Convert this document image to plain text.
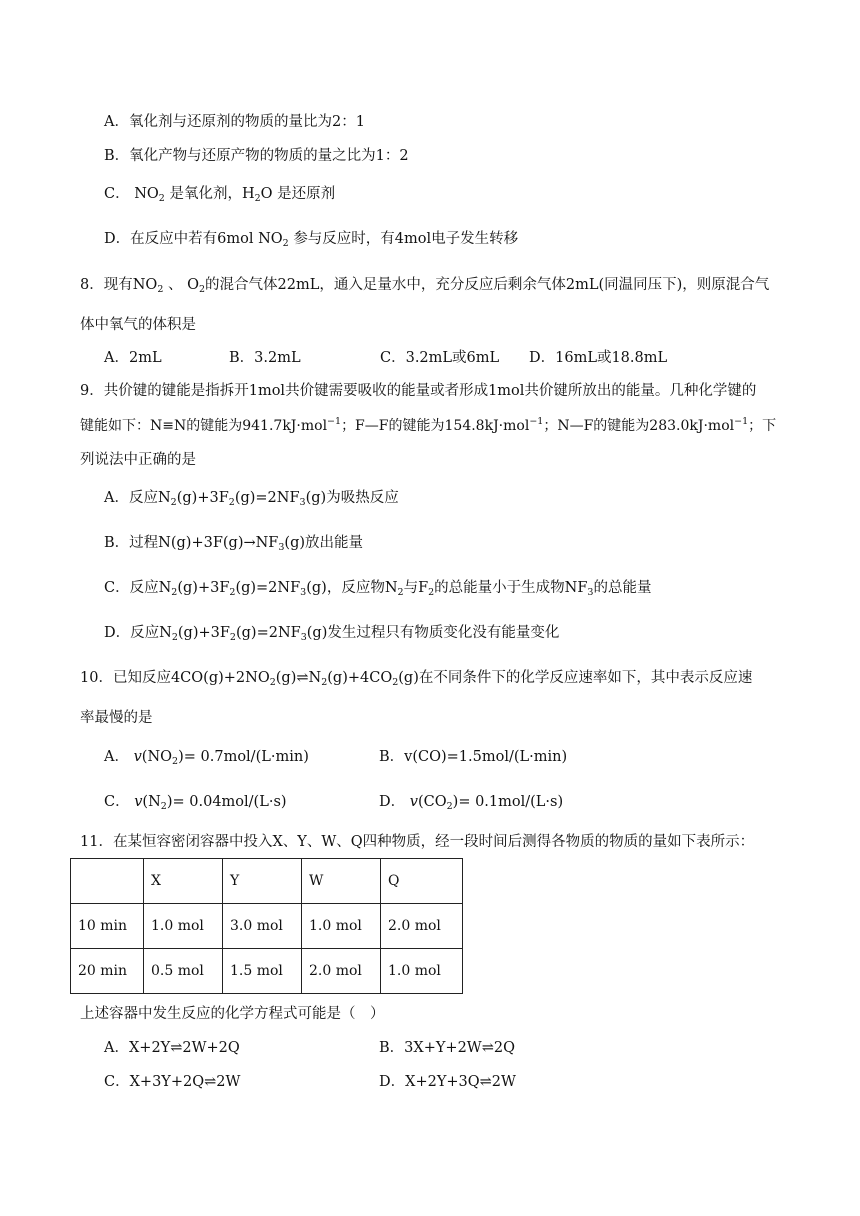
A．氧化剂与还原剂的物质的量比为2：1
B．氧化产物与还原产物的物质的量之比为1：2
C． $NO_2$ 是氧化剂，$H_2O$ 是还原剂
D．在反应中若有6mol $NO_2$ 参与反应时，有4mol电子发生转移
8．现有$NO_2$ 、 $O_2$的混合气体22mL，通入足量水中，充分反应后剩余气体2mL(同温同压下)，则原混合气
体中氧气的体积是
A．2mL	B．3.2mL	C．3.2mL或6mL D．16mL或18.8mL
9．共价键的键能是指拆开1mol共价键需要吸收的能量或者形成1mol共价键所放出的能量。几种化学键的
键能如下：N≡N的键能为941.7kJ·mol$^{-1}$；F—F的键能为154.8kJ·mol$^{-1}$；N—F的键能为283.0kJ·mol$^{-1}$；下
列说法中正确的是
A．反应$N_2(g)+3F_2(g)=2NF_3(g)$为吸热反应
B．过程$N(g)+3F(g)\to NF_3(g)$放出能量
C．反应$N_2(g)+3F_2(g)=2NF_3(g)$，反应物$N_2$与$F_2$的总能量小于生成物$NF_3$的总能量
D．反应$N_2(g)+3F_2(g)=2NF_3(g)$发生过程只有物质变化没有能量变化
10．已知反应$4CO(g)+2NO_2(g)\rightleftharpoons N_2(g)+4CO_2(g)$在不同条件下的化学反应速率如下，其中表示反应速
率最慢的是
A． $v(NO_2)= 0.7mol/(L\cdot\min)$	B．v(CO)=1.5mol/(L·min)
C． $v(N_2)= 0.04mol/(L\cdot s)$	D． $v(CO_2)= 0.1mol/(L\cdot s)$
11．在某恒容密闭容器中投入X、Y、W、Q四种物质，经一段时间后测得各物质的物质的量如下表所示：
	X	Y	W	Q
10 min	1.0 mol	3.0 mol	1.0 mol	2.0 mol
20 min	0.5 mol	1.5 mol	2.0 mol	1.0 mol
上述容器中发生反应的化学方程式可能是（　）
A．X+2Y⇌2W+2Q	B．3X+Y+2W⇌2Q
C．X+3Y+2Q⇌2W	D．X+2Y+3Q⇌2W
